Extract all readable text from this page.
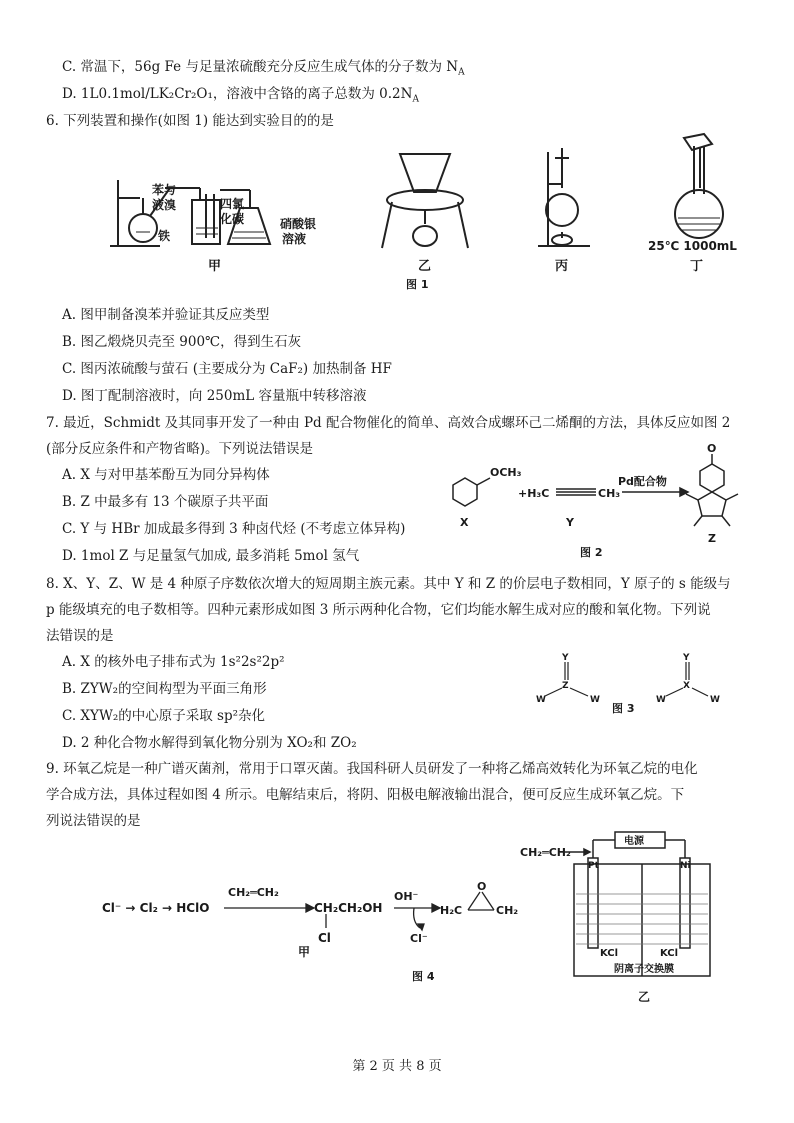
C. 常温下，56g Fe 与足量浓硫酸充分反应生成气体的分子数为 $N_A$
D. 1L0.1mol/LK₂Cr₂O₁，溶液中含铬的离子总数为 $0.2N_A$
6. 下列装置和操作(如图 1) 能达到实验目的的是
苯与
液溴
铁
四氯
化碳	硝酸银
溶液
甲	乙	丙
25℃ 1000mL
丁
图 1
A. 图甲制备溴苯并验证其反应类型
B. 图乙煅烧贝壳至 900℃，得到生石灰
C. 图丙浓硫酸与萤石 (主要成分为 CaF₂) 加热制备 HF
D. 图丁配制溶液时，向 250mL 容量瓶中转移溶液
7. 最近，Schmidt 及其同事开发了一种由 Pd 配合物催化的简单、高效合成螺环己二烯酮的方法，具体反应如图 2
(部分反应条件和产物省略)。下列说法错误是
A. X 与对甲基苯酚互为同分异构体
B. Z 中最多有 13 个碳原子共平面
C. Y 与 HBr 加成最多得到 3 种卤代烃 (不考虑立体异构)
D. 1mol Z 与足量氢气加成, 最多消耗 5mol 氢气
OCH₃
+H₃C	CH₃
Pd配合物
O
X	Y
Z
图 2
8. X、Y、Z、W 是 4 种原子序数依次增大的短周期主族元素。其中 Y 和 Z 的价层电子数相同，Y 原子的 s 能级与
p 能级填充的电子数相等。四种元素形成如图 3 所示两种化合物，它们均能水解生成对应的酸和氧化物。下列说
法错误的是
A. X 的核外电子排布式为 1s²2s²2p²
B. ZYW₂的空间构型为平面三角形
C. XYW₂的中心原子采取 sp²杂化
D. 2 种化合物水解得到氧化物分别为 XO₂和 ZO₂
Y
Z
W	W
Y
X
W	W
图 3
9. 环氧乙烷是一种广谱灭菌剂，常用于口罩灭菌。我国科研人员研发了一种将乙烯高效转化为环氧乙烷的电化
学合成方法，具体过程如图 4 所示。电解结束后，将阴、阳极电解液输出混合，便可反应生成环氧乙烷。下
列说法错误的是
Cl⁻ → Cl₂ → HClO
CH₂═CH₂
CH₂CH₂OH
Cl
OH⁻
Cl⁻
H₂C	CH₂
O
甲
CH₂═CH₂
电源
Pt	Ni
KCl	KCl
阴离子交换膜
图 4
乙
第 2 页 共 8 页
